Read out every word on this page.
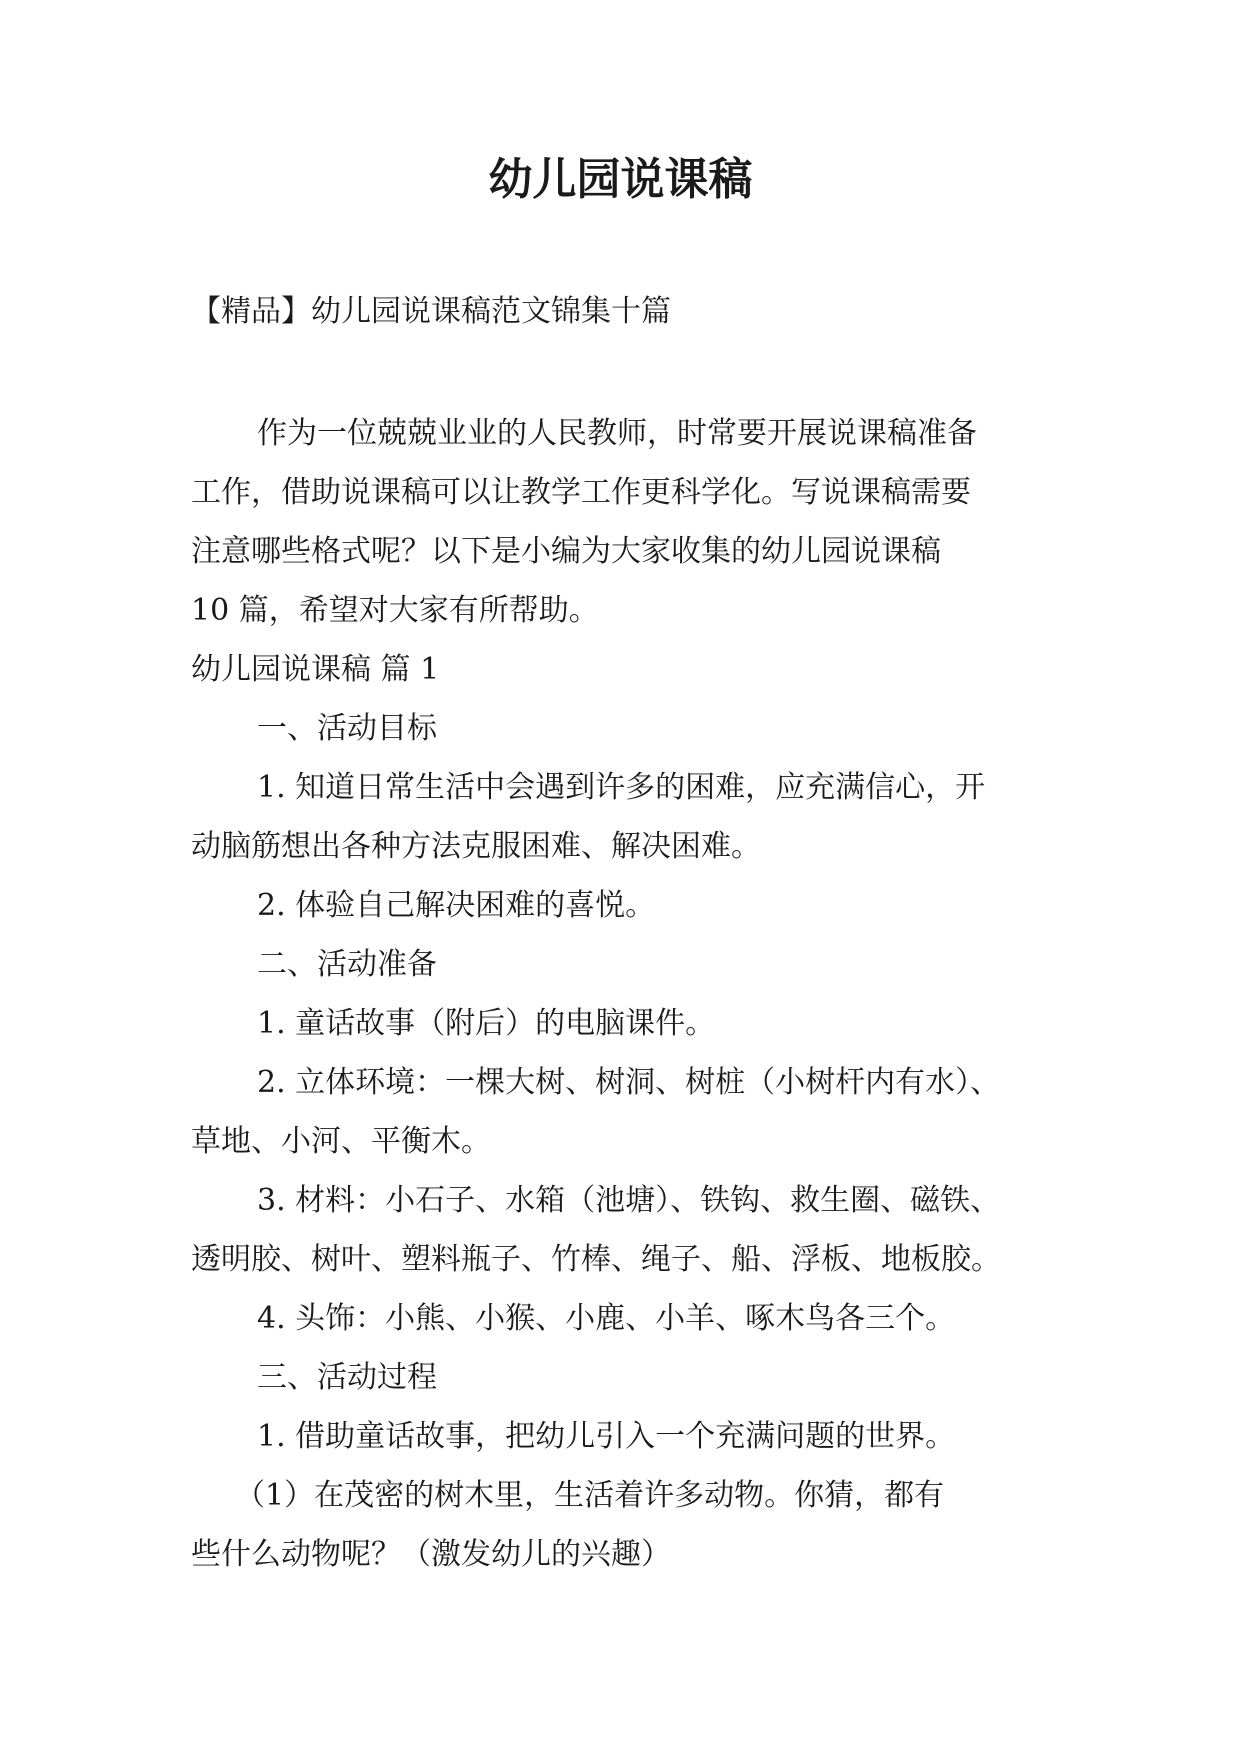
幼儿园说课稿

【精品】幼儿园说课稿范文锦集十篇

作为一位兢兢业业的人民教师，时常要开展说课稿准备

工作，借助说课稿可以让教学工作更科学化。写说课稿需要

注意哪些格式呢？以下是小编为大家收集的幼儿园说课稿

10 篇，希望对大家有所帮助。

幼儿园说课稿 篇 1

一、活动目标

1. 知道日常生活中会遇到许多的困难，应充满信心，开

动脑筋想出各种方法克服困难、解决困难。

2. 体验自己解决困难的喜悦。

二、活动准备

1. 童话故事（附后）的电脑课件。

2. 立体环境：一棵大树、树洞、树桩（小树杆内有水）、

草地、小河、平衡木。

3. 材料：小石子、水箱（池塘）、铁钩、救生圈、磁铁、

透明胶、树叶、塑料瓶子、竹棒、绳子、船、浮板、地板胶。

4. 头饰：小熊、小猴、小鹿、小羊、啄木鸟各三个。

三、活动过程

1. 借助童话故事，把幼儿引入一个充满问题的世界。

（1）在茂密的树木里，生活着许多动物。你猜，都有

些什么动物呢？（激发幼儿的兴趣）
